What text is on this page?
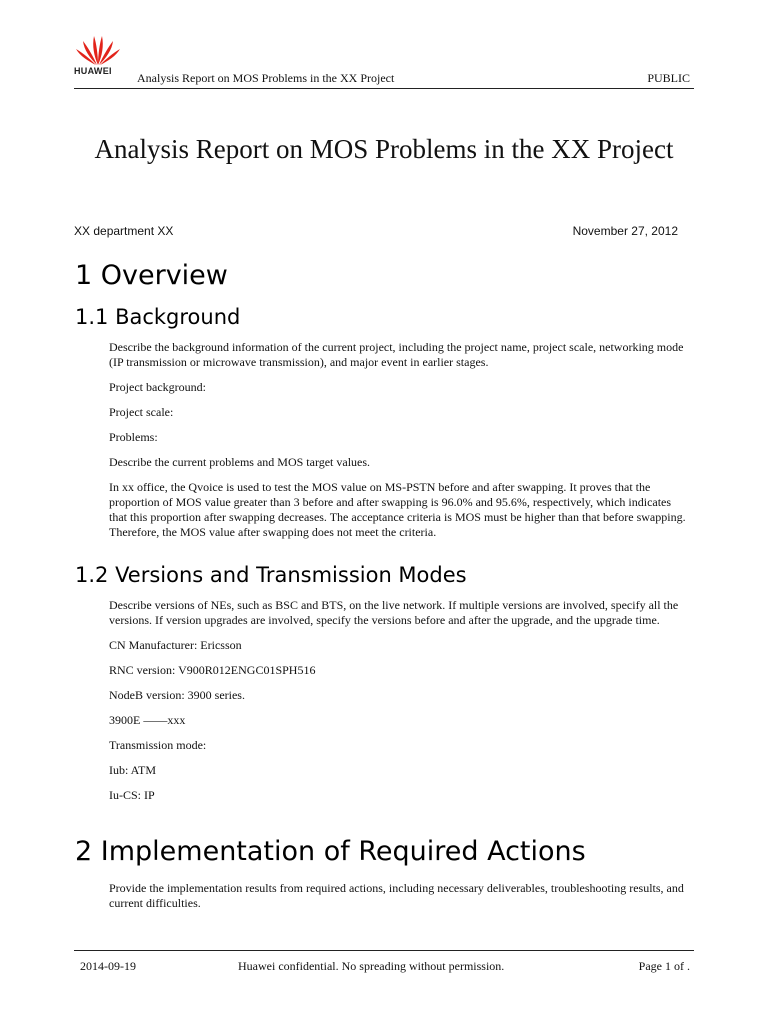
HUAWEI Analysis Report on MOS Problems in the XX Project	PUBLIC
Analysis Report on MOS Problems in the XX Project
XX department XX	November 27, 2012
1 Overview
1.1 Background

Describe the background information of the current project, including the project name, project scale, networking mode (IP transmission or microwave transmission), and major event in earlier stages.

Project background:

Project scale:

Problems:

Describe the current problems and MOS target values.

In xx office, the Qvoice is used to test the MOS value on MS-PSTN before and after swapping. It proves that the proportion of MOS value greater than 3 before and after swapping is 96.0% and 95.6%, respectively, which indicates that this proportion after swapping decreases. The acceptance criteria is MOS must be higher than that before swapping. Therefore, the MOS value after swapping does not meet the criteria.

1.2 Versions and Transmission Modes

Describe versions of NEs, such as BSC and BTS, on the live network. If multiple versions are involved, specify all the versions. If version upgrades are involved, specify the versions before and after the upgrade, and the upgrade time.

CN Manufacturer: Ericsson

RNC version: V900R012ENGC01SPH516

NodeB version: 3900 series.

3900E ——xxx

Transmission mode:

Iub: ATM

Iu-CS: IP

2 Implementation of Required Actions

Provide the implementation results from required actions, including necessary deliverables, troubleshooting results, and current difficulties.

2014-09-19	Huawei confidential. No spreading without permission.	Page 1 of .
